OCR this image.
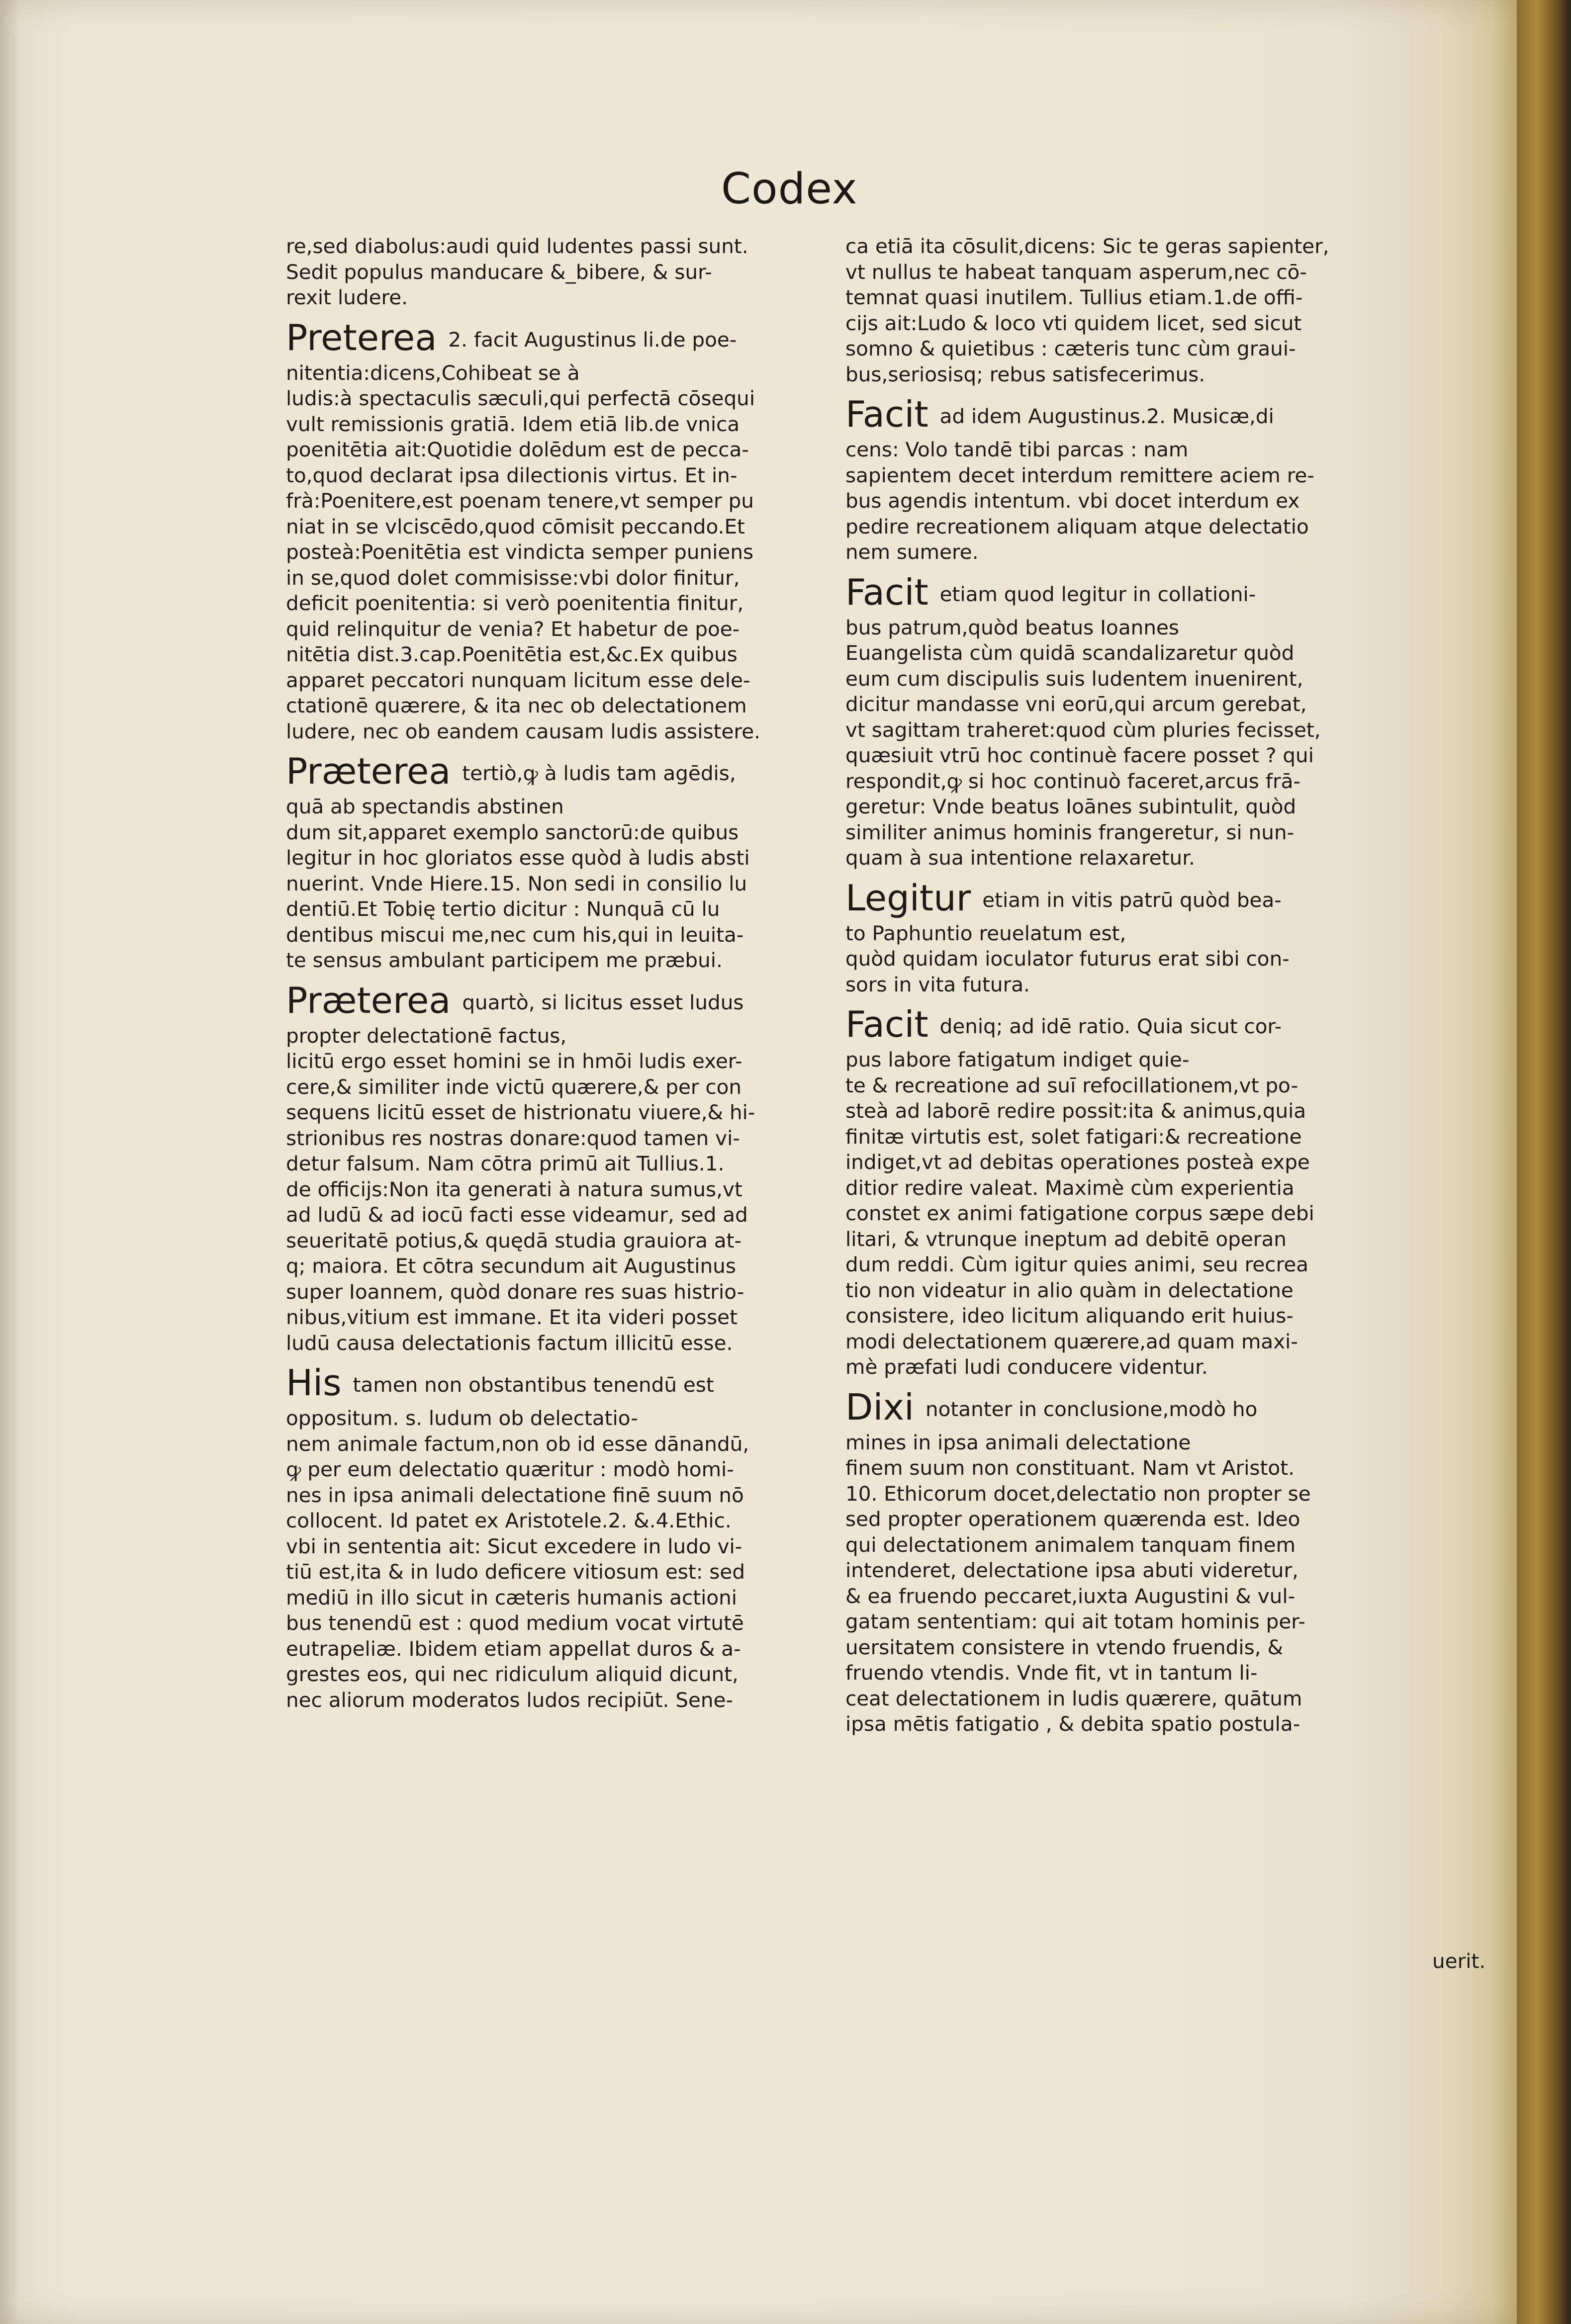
Codex

re,sed diabolus:audi quid ludentes passi sunt.

Sedit populus manducare &_bibere, & sur-

rexit ludere.

Preterea $^{2. facit Augustinus li.de poe-}$

nitentia:dicens,Cohibeat se à

ludis:à spectaculis sæculi,qui perfectā cōsequi

vult remissionis gratiā. Idem etiā lib.de vnica

poenitētia ait:Quotidie dolēdum est de pecca-

to,quod declarat ipsa dilectionis virtus. Et in-

frà:Poenitere,est poenam tenere,vt semper pu

niat in se vlciscēdo,quod cōmisit peccando.Et

posteà:Poenitētia est vindicta semper puniens

in se,quod dolet commisisse:vbi dolor finitur,

deficit poenitentia: si verò poenitentia finitur,

quid relinquitur de venia? Et habetur de poe-

nitētia dist.3.cap.Poenitētia est,&c.Ex quibus

apparet peccatori nunquam licitum esse dele-

ctationē quærere, & ita nec ob delectationem

ludere, nec ob eandem causam ludis assistere.

Præterea $^{tertiò,ꝙ à ludis tam agēdis,}$

quā ab spectandis abstinen

dum sit,apparet exemplo sanctorū:de quibus

legitur in hoc gloriatos esse quòd à ludis absti

nuerint. Vnde Hiere.15. Non sedi in consilio lu

dentiū.Et Tobię tertio dicitur : Nunquā cū lu

dentibus miscui me,nec cum his,qui in leuita-

te sensus ambulant participem me præbui.

Præterea $^{quartò, si licitus esset ludus}$

propter delectationē factus,

licitū ergo esset homini se in hmōi ludis exer-

cere,& similiter inde victū quærere,& per con

sequens licitū esset de histrionatu viuere,& hi-

strionibus res nostras donare:quod tamen vi-

detur falsum. Nam cōtra primū ait Tullius.1.

de officijs:Non ita generati à natura sumus,vt

ad ludū & ad iocū facti esse videamur, sed ad

seueritatē potius,& quędā studia grauiora at-

q; maiora. Et cōtra secundum ait Augustinus

super Ioannem, quòd donare res suas histrio-

nibus,vitium est immane. Et ita videri posset

ludū causa delectationis factum illicitū esse.

His $^{tamen non obstantibus tenendū est}$

oppositum. s. ludum ob delectatio-

nem animale factum,non ob id esse dānandū,

ꝙ per eum delectatio quæritur : modò homi-

nes in ipsa animali delectatione finē suum nō

collocent. Id patet ex Aristotele.2. &.4.Ethic.

vbi in sententia ait: Sicut excedere in ludo vi-

tiū est,ita & in ludo deficere vitiosum est: sed

mediū in illo sicut in cæteris humanis actioni

bus tenendū est : quod medium vocat virtutē

eutrapeliæ. Ibidem etiam appellat duros & a-

grestes eos, qui nec ridiculum aliquid dicunt,

nec aliorum moderatos ludos recipiūt. Sene-

ca etiā ita cōsulit,dicens: Sic te geras sapienter,

vt nullus te habeat tanquam asperum,nec cō-

temnat quasi inutilem. Tullius etiam.1.de offi-

cijs ait:Ludo & loco vti quidem licet, sed sicut

somno & quietibus : cæteris tunc cùm graui-

bus,seriosisq; rebus satisfecerimus.

Facit $^{ad idem Augustinus.2. Musicæ,di}$

cens: Volo tandē tibi parcas : nam

sapientem decet interdum remittere aciem re-

bus agendis intentum. vbi docet interdum ex

pedire recreationem aliquam atque delectatio

nem sumere.

Facit $^{etiam quod legitur in collationi-}$

bus patrum,quòd beatus Ioannes

Euangelista cùm quidā scandalizaretur quòd

eum cum discipulis suis ludentem inuenirent,

dicitur mandasse vni eorū,qui arcum gerebat,

vt sagittam traheret:quod cùm pluries fecisset,

quæsiuit vtrū hoc continuè facere posset ? qui

respondit,ꝙ si hoc continuò faceret,arcus frā-

geretur: Vnde beatus Ioānes subintulit, quòd

similiter animus hominis frangeretur, si nun-

quam à sua intentione relaxaretur.

Legitur $^{etiam in vitis patrū quòd bea-}$

to Paphuntio reuelatum est,

quòd quidam ioculator futurus erat sibi con-

sors in vita futura.

Facit $^{deniq; ad idē ratio. Quia sicut cor-}$

pus labore fatigatum indiget quie-

te & recreatione ad suī refocillationem,vt po-

steà ad laborē redire possit:ita & animus,quia

finitæ virtutis est, solet fatigari:& recreatione

indiget,vt ad debitas operationes posteà expe

ditior redire valeat. Maximè cùm experientia

constet ex animi fatigatione corpus sæpe debi

litari, & vtrunque ineptum ad debitē operan

dum reddi. Cùm igitur quies animi, seu recrea

tio non videatur in alio quàm in delectatione

consistere, ideo licitum aliquando erit huius-

modi delectationem quærere,ad quam maxi-

mè præfati ludi conducere videntur.

Dixi $^{notanter in conclusione,modò ho}$

mines in ipsa animali delectatione

finem suum non constituant. Nam vt Aristot.

10. Ethicorum docet,delectatio non propter se

sed propter operationem quærenda est. Ideo

qui delectationem animalem tanquam finem

intenderet, delectatione ipsa abuti videretur,

& ea fruendo peccaret,iuxta Augustini & vul-

gatam sententiam: qui ait totam hominis per-

uersitatem consistere in vtendo fruendis, &

fruendo vtendis. Vnde fit, vt in tantum li-

ceat delectationem in ludis quærere, quātum

ipsa mētis fatigatio , & debita spatio postula-

uerit.
